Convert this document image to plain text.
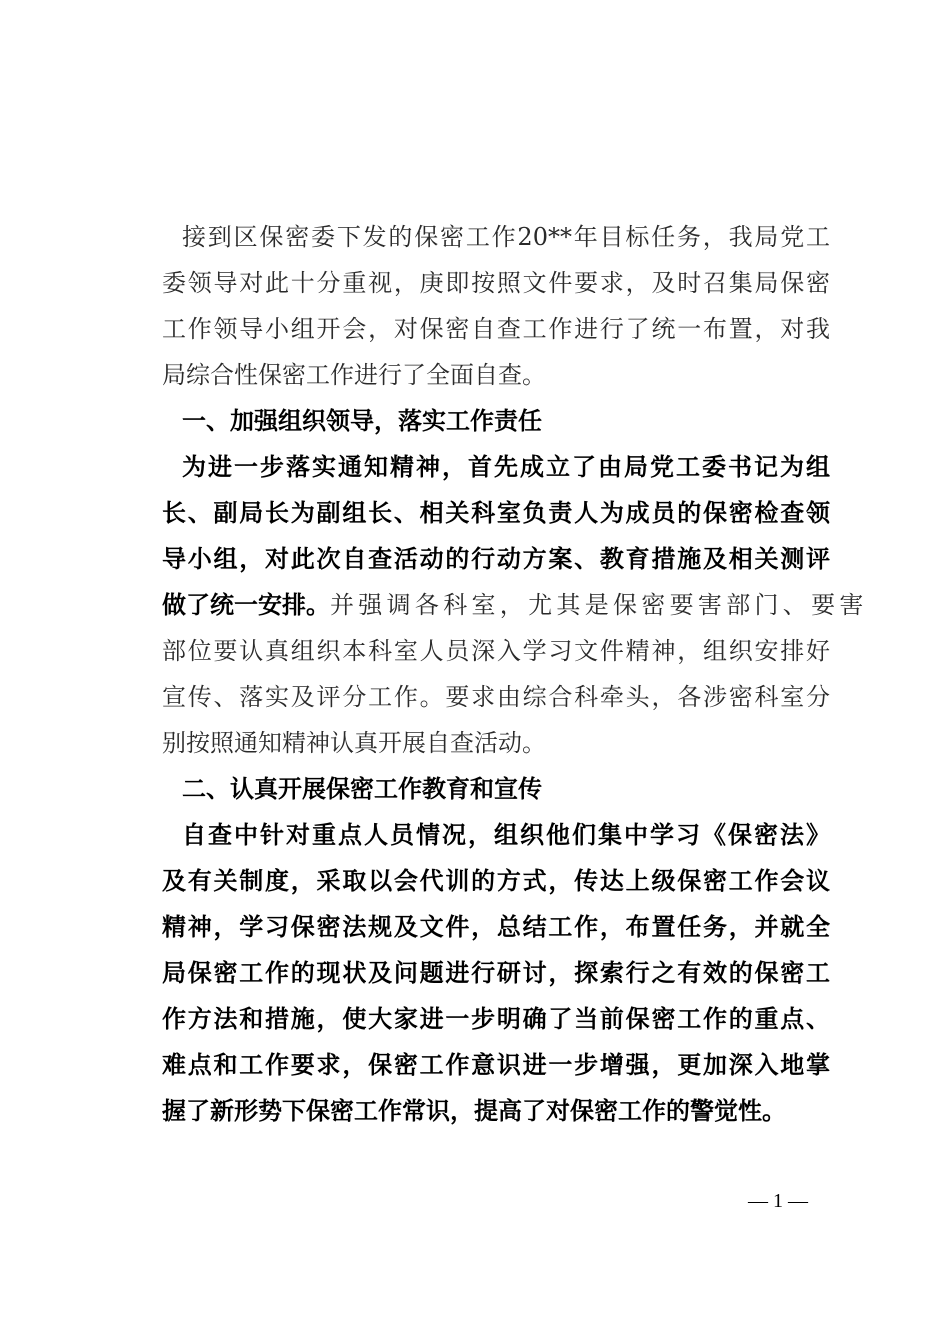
接到区保密委下发的保密工作20**年目标任务，我局党工
委领导对此十分重视，庚即按照文件要求，及时召集局保密
工作领导小组开会，对保密自查工作进行了统一布置，对我
局综合性保密工作进行了全面自查。
一、加强组织领导，落实工作责任
为进一步落实通知精神，首先成立了由局党工委书记为组
长、副局长为副组长、相关科室负责人为成员的保密检查领
导小组，对此次自查活动的行动方案、教育措施及相关测评
做了统一安排。 并强调各科室，尤其是保密要害部门、要害
部位要认真组织本科室人员深入学习文件精神，组织安排好
宣传、落实及评分工作。要求由综合科牵头，各涉密科室分
别按照通知精神认真开展自查活动。
二、认真开展保密工作教育和宣传
自查中针对重点人员情况，组织他们集中学习《保密法》
及有关制度，采取以会代训的方式，传达上级保密工作会议
精神，学习保密法规及文件，总结工作，布置任务，并就全
局保密工作的现状及问题进行研讨，探索行之有效的保密工
作方法和措施，使大家进一步明确了当前保密工作的重点、
难点和工作要求，保密工作意识进一步增强，更加深入地掌
握了新形势下保密工作常识，提高了对保密工作的警觉性。
— 1 —
